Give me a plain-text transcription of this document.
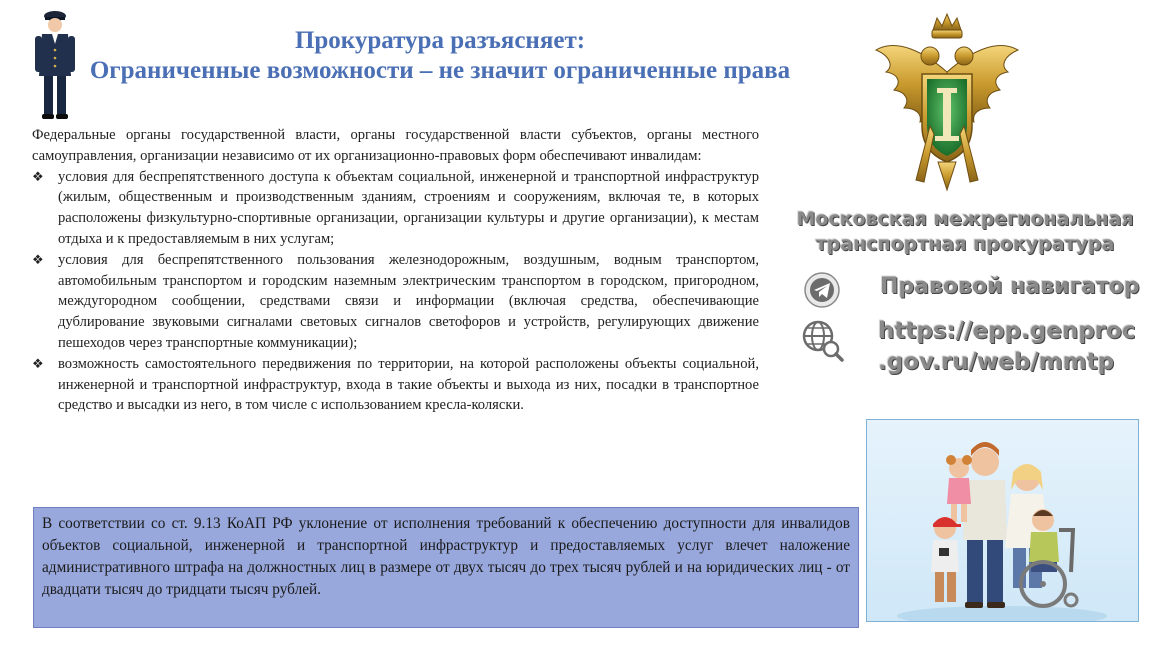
Прокуратура разъясняет:
Ограниченные возможности – не значит ограниченные права

Федеральные органы государственной власти, органы государственной власти субъектов, органы местного самоуправления, организации независимо от их организационно-правовых форм обеспечивают инвалидам:

❖ условия для беспрепятственного доступа к объектам социальной, инженерной и транспортной инфраструктур (жилым, общественным и производственным зданиям, строениям и сооружениям, включая те, в которых расположены физкультурно-спортивные организации, организации культуры и другие организации), к местам отдыха и к предоставляемым в них услугам;
❖ условия для беспрепятственного пользования железнодорожным, воздушным, водным транспортом, автомобильным транспортом и городским наземным электрическим транспортом в городском, пригородном, междугородном сообщении, средствами связи и информации (включая средства, обеспечивающие дублирование звуковыми сигналами световых сигналов светофоров и устройств, регулирующих движение пешеходов через транспортные коммуникации);
❖ возможность самостоятельного передвижения по территории, на которой расположены объекты социальной, инженерной и транспортной инфраструктур, входа в такие объекты и выхода из них, посадки в транспортное средство и высадки из него, в том числе с использованием кресла-коляски.
В соответствии со ст. 9.13 КоАП РФ уклонение от исполнения требований к обеспечению доступности для инвалидов объектов социальной, инженерной и транспортной инфраструктур и предоставляемых услуг влечет наложение административного штрафа на должностных лиц в размере от двух тысяч до трех тысяч рублей и на юридических лиц - от двадцати тысяч до тридцати тысяч рублей.
Московская межрегиональная
транспортная прокуратура
Правовой навигатор
https://epp.genproc
.gov.ru/web/mmtp
